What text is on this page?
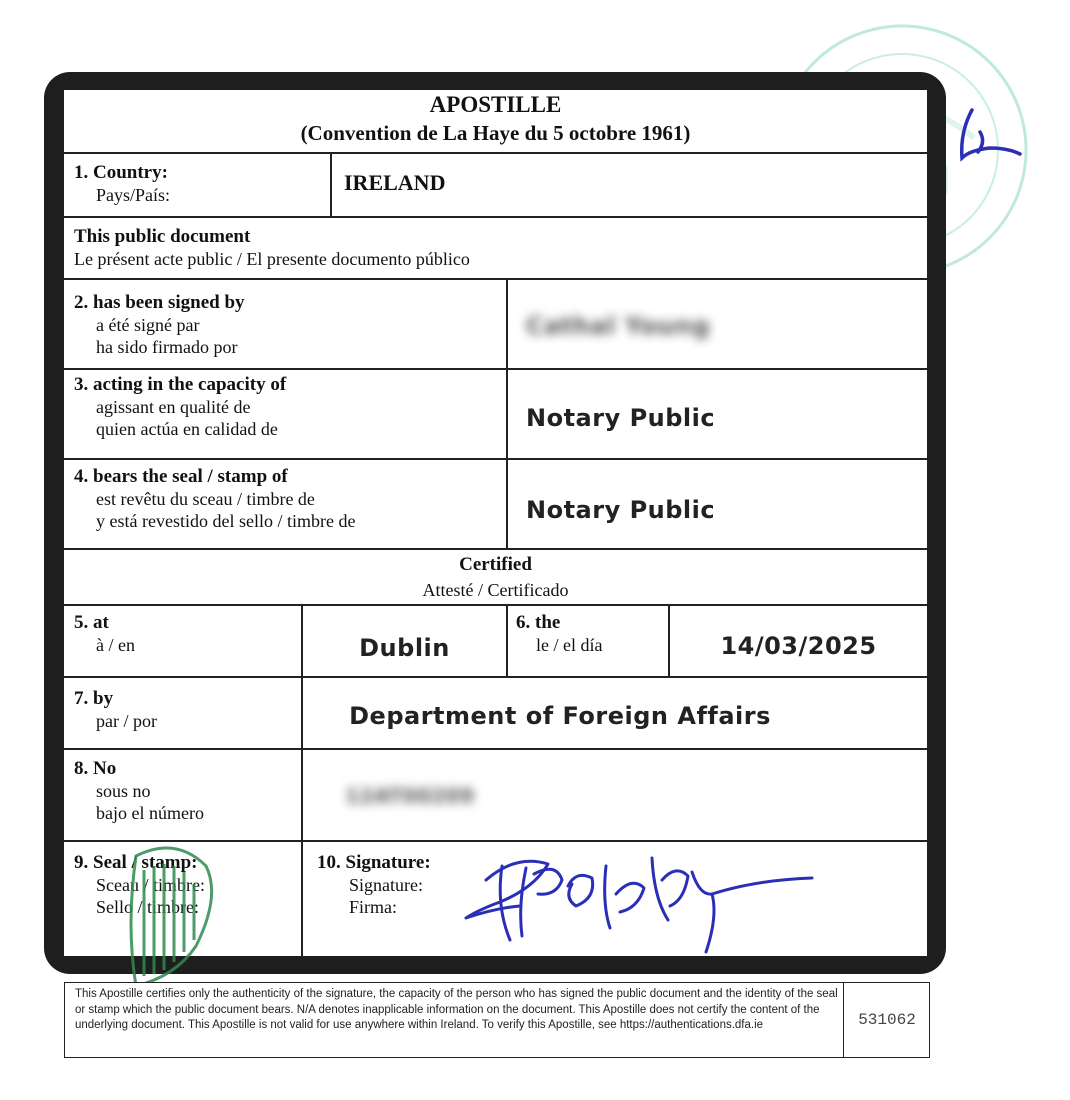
APOSTILLE
(Convention de La Haye du 5 octobre 1961)
1. Country:
Pays/País:	IRELAND
This public document
Le présent acte public / El presente documento público
2. has been signed by
a été signé par
ha sido firmado por
Cathal Young
3. acting in the capacity of
agissant en qualité de
quien actúa en calidad de	Notary Public
4. bears the seal / stamp of
est revêtu du sceau / timbre de
y está revestido del sello / timbre de	Notary Public
Certified
Attesté / Certificado
5. at
à / en	Dublin
6. the
le / el día	14/03/2025
7. by
par / por	Department of Foreign Affairs
8. No
sous no
bajo el número
12AT00209
9. Seal / stamp:
Sceau / timbre:
Sello / timbre:
10. Signature:
Signature:
Firma:
This Apostille certifies only the authenticity of the signature, the capacity of the person who has signed the public document and the identity of the seal or stamp which the public document bears. N/A denotes inapplicable information on the document. This Apostille does not certify the content of the underlying document. This Apostille is not valid for use anywhere within Ireland. To verify this Apostille, see https://authentications.dfa.ie	531062
